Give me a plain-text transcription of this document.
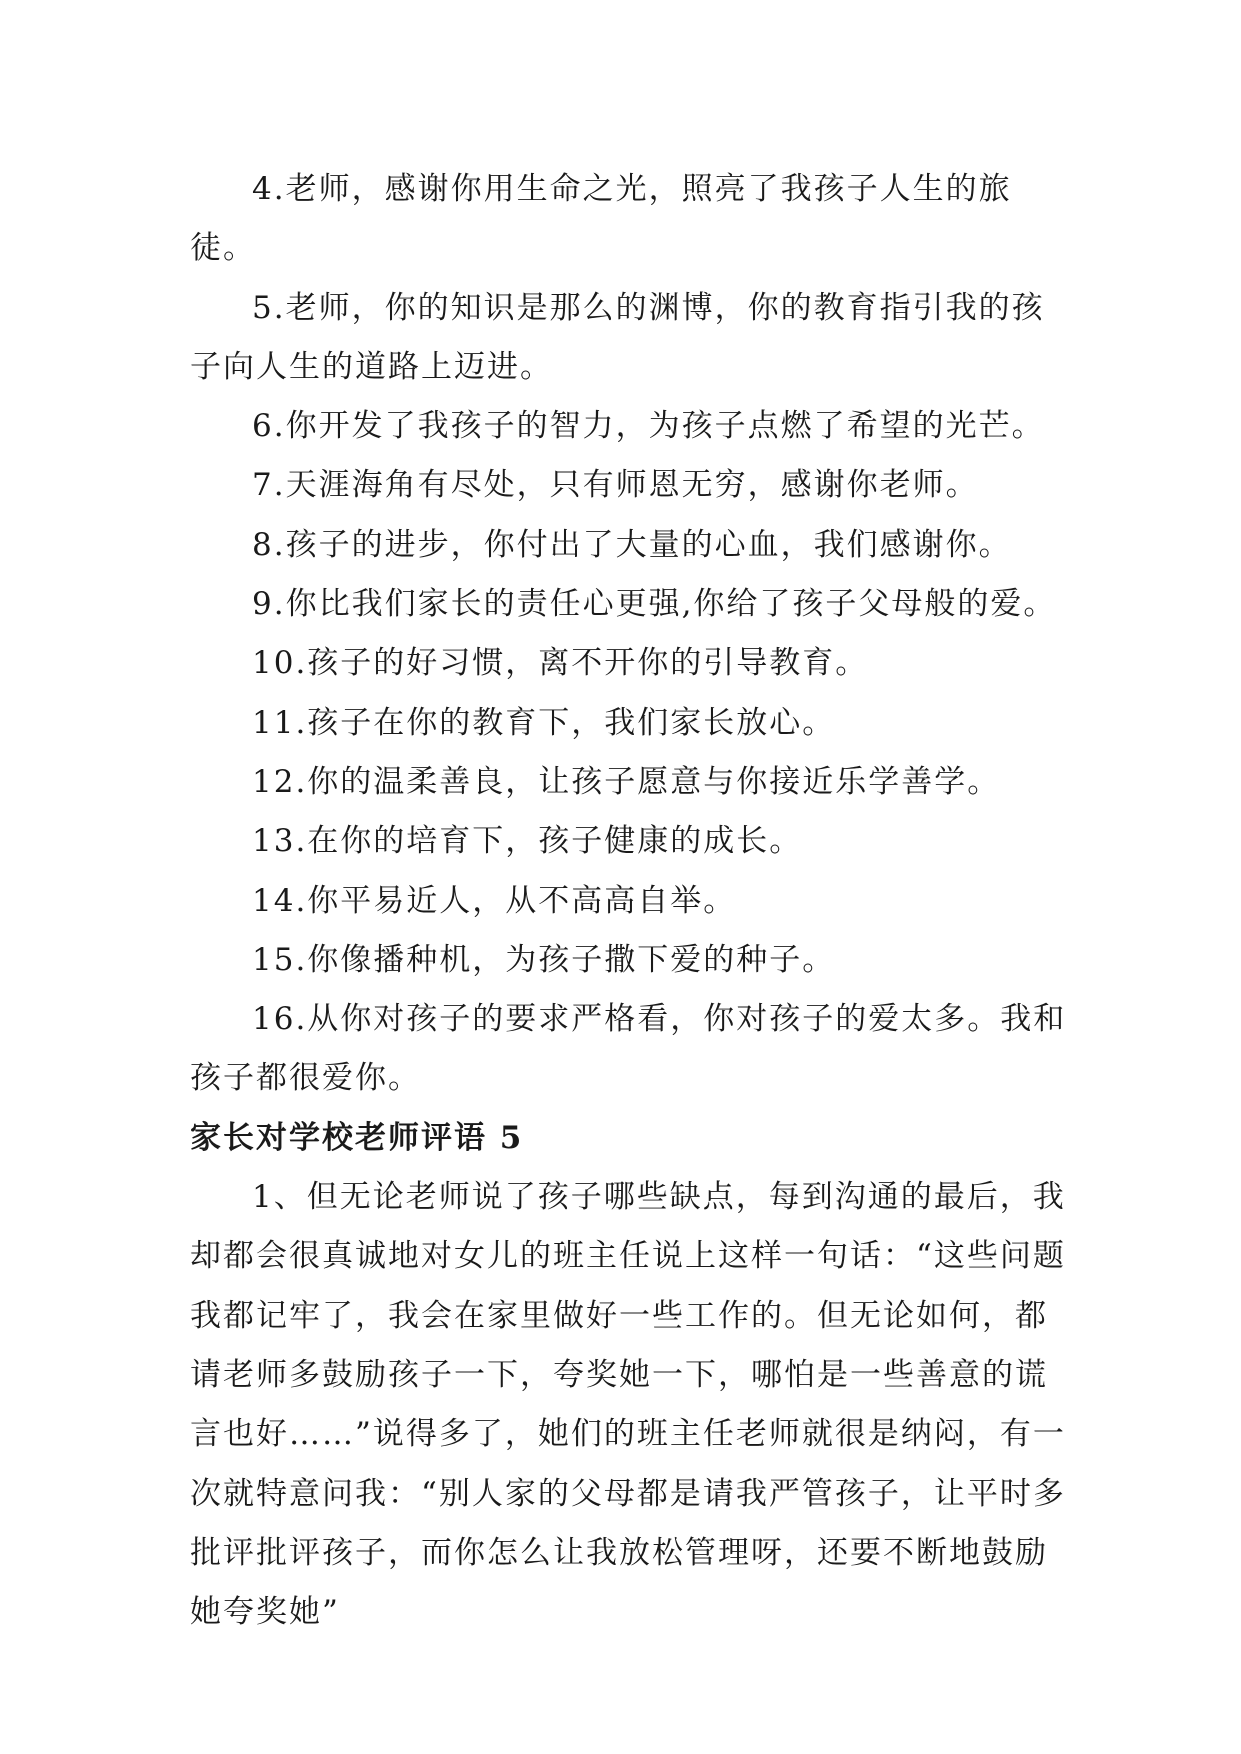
4.老师，感谢你用生命之光，照亮了我孩子人生的旅徒。

5.老师，你的知识是那么的渊博，你的教育指引我的孩子向人生的道路上迈进。

6.你开发了我孩子的智力，为孩子点燃了希望的光芒。

7.天涯海角有尽处，只有师恩无穷，感谢你老师。

8.孩子的进步，你付出了大量的心血，我们感谢你。

9.你比我们家长的责任心更强,你给了孩子父母般的爱。

10.孩子的好习惯，离不开你的引导教育。

11.孩子在你的教育下，我们家长放心。

12.你的温柔善良，让孩子愿意与你接近乐学善学。

13.在你的培育下，孩子健康的成长。

14.你平易近人，从不高高自举。

15.你像播种机，为孩子撒下爱的种子。

16.从你对孩子的要求严格看，你对孩子的爱太多。我和孩子都很爱你。

家长对学校老师评语 5

1、但无论老师说了孩子哪些缺点，每到沟通的最后，我却都会很真诚地对女儿的班主任说上这样一句话：“这些问题我都记牢了，我会在家里做好一些工作的。但无论如何，都请老师多鼓励孩子一下，夸奖她一下，哪怕是一些善意的谎言也好……”说得多了，她们的班主任老师就很是纳闷，有一次就特意问我：“别人家的父母都是请我严管孩子，让平时多批评批评孩子，而你怎么让我放松管理呀，还要不断地鼓励她夸奖她”
